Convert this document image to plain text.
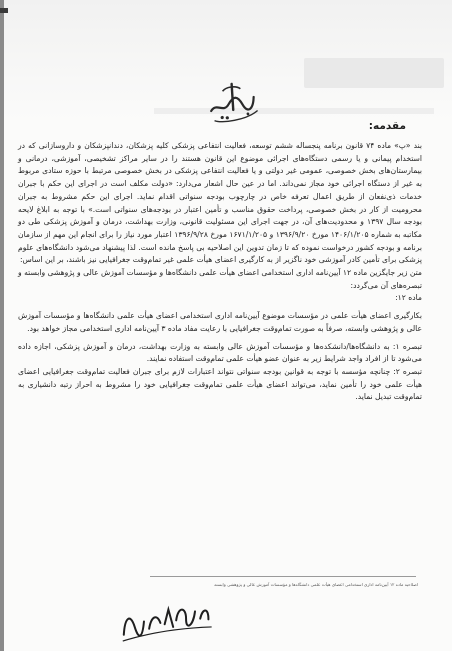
مقدمه:

بند «پ» ماده ۷۴ قانون برنامه پنجساله ششم توسعه، فعالیت انتفاعی پزشکی کلیه پزشکان، دندانپزشکان و داروسازانی که در استخدام پیمانی و یا رسمی دستگاه‌های اجرائی موضوع این قانون هستند را در سایر مراکز تشخیصی، آموزشی، درمانی و بیمارستان‌های بخش خصوصی، عمومی غیر دولتی و یا فعالیت انتفاعی پزشکی در بخش خصوصی مرتبط با حوزه ستادی مربوط به غیر از دستگاه اجرائی خود مجاز نمی‌داند. اما در عین حال اشعار می‌دارد: «دولت مکلف است در اجرای این حکم با جبران خدمات ذی‌نفعان از طریق اعمال تعرفه خاص در چارچوب بودجه سنواتی اقدام نماید. اجرای این حکم مشروط به جبران محرومیت از کار در بخش خصوصی، پرداخت حقوق مناسب و تأمین اعتبار در بودجه‌های سنواتی است.» با توجه به ابلاغ لایحه بودجه سال ۱۳۹۷ و محدودیت‌های آن، در جهت اجرای این مسئولیت قانونی، وزارت بهداشت، درمان و آموزش پزشکی طی دو مکاتبه به شماره ۱۴۰۶/۱/۲۰۵ مورخ ۱۳۹۶/۹/۲۰ و ۱۶۷۱/۱/۲۰۵ مورخ ۱۳۹۶/۹/۲۸ اعتبار مورد نیاز را برای انجام این مهم از سازمان برنامه و بودجه کشور درخواست نموده که تا زمان تدوین این اصلاحیه بی پاسخ مانده است. لذا پیشنهاد می‌شود دانشگاه‌های علوم پزشکی برای تأمین کادر آموزشی خود ناگزیر از به کارگیری اعضای هیأت علمی غیر تمام‌وقت جغرافیایی نیز باشند، بر این اساس:

متن زیر جایگزین ماده ۱۲ آیین‌نامه اداری استخدامی اعضای هیأت علمی دانشگاه‌ها و مؤسسات آموزش عالی و پژوهشی وابسته و تبصره‌های آن می‌گردد:

ماده ۱۲:

بکارگیری اعضای هیأت علمی در مؤسسات موضوع آیین‌نامه اداری استخدامی اعضای هیأت علمی دانشگاه‌ها و مؤسسات آموزش عالی و پژوهشی وابسته، صرفاً به صورت تمام‌وقت جغرافیایی با رعایت مفاد ماده ۳ آیین‌نامه اداری استخدامی مجاز خواهد بود.

تبصره ۱: به دانشگاه‌ها/دانشکده‌ها و مؤسسات آموزش عالی وابسته به وزارت بهداشت، درمان و آموزش پزشکی، اجازه داده می‌شود تا از افراد واجد شرایط زیر به عنوان عضو هیأت علمی تمام‌وقت استفاده نمایند.

تبصره ۲: چنانچه مؤسسه با توجه به قوانین بودجه سنواتی نتواند اعتبارات لازم برای جبران فعالیت تمام‌وقت جغرافیایی اعضای هیأت علمی خود را تأمین نماید، می‌تواند اعضای هیأت علمی تمام‌وقت جغرافیایی خود را مشروط به احراز رتبه دانشیاری به تمام‌وقت تبدیل نماید.

اصلاحیه ماده ۱۲ آیین‌نامه اداری استخدامی اعضای هیأت علمی دانشگاه‌ها و مؤسسات آموزش عالی و پژوهشی وابسته
